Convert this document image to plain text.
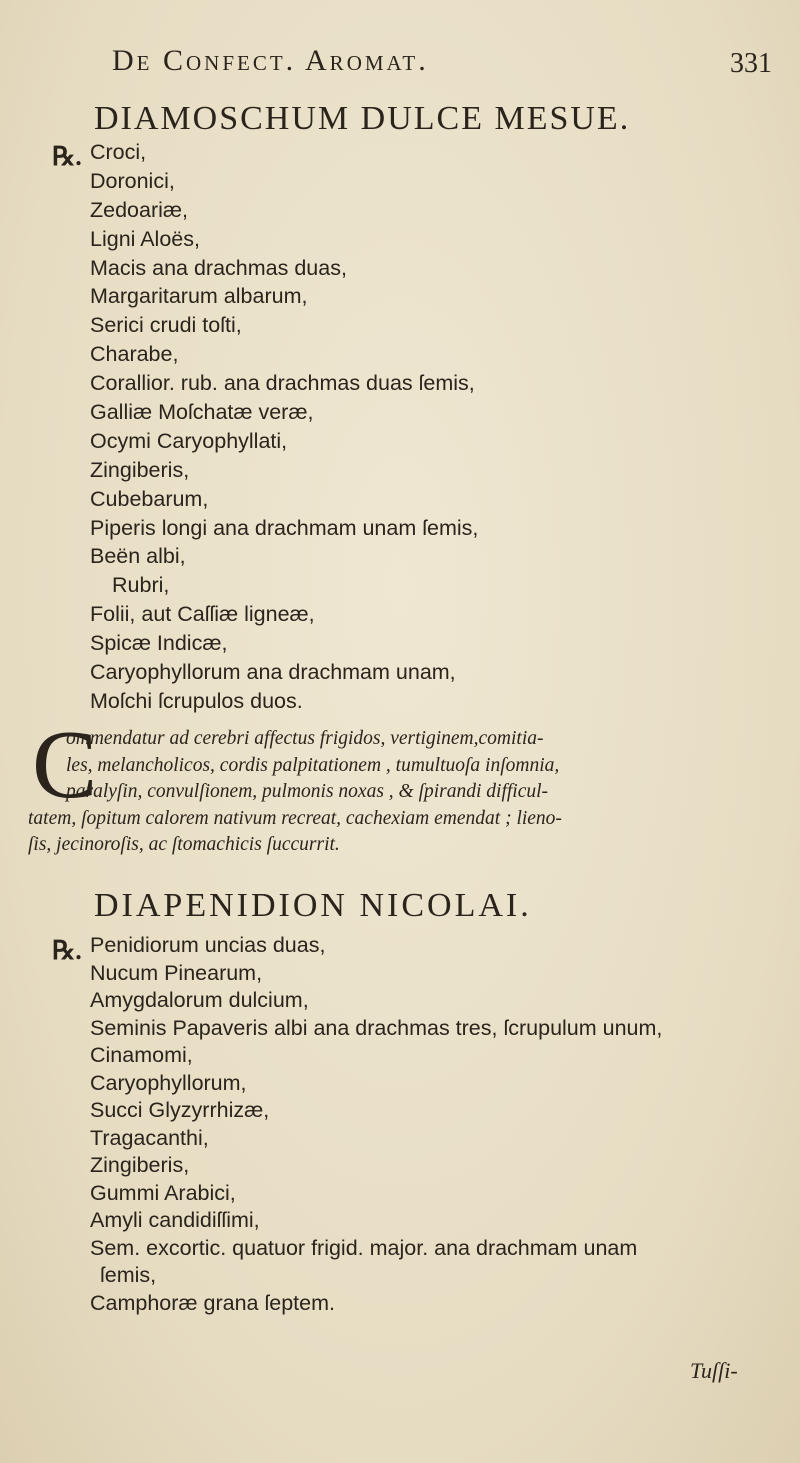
De Confect. Aromat.	331
DIAMOSCHUM DULCE MESUE.
℞. Croci,
Doronici,
Zedoariæ,
Ligni Aloës,
Macis ana drachmas duas,
Margaritarum albarum,
Serici crudi toſti,
Charabe,
Corallior. rub. ana drachmas duas ſemis,
Galliæ Moſchatæ veræ,
Ocymi Caryophyllati,
Zingiberis,
Cubebarum,
Piperis longi ana drachmam unam ſemis,
Beën albi,
Rubri,
Folii, aut Caſſiæ ligneæ,
Spicæ Indicæ,
Caryophyllorum ana drachmam unam,
Moſchi ſcrupulos duos.
C
ommendatur ad cerebri affectus frigidos, vertiginem,comitia-
les, melancholicos, cordis palpitationem , tumultuoſa inſomnia,
paralyſin, convulſionem, pulmonis noxas , & ſpirandi difficul-
tatem, ſopitum calorem nativum recreat, cachexiam emendat ; lieno-
ſis, jecinoroſis, ac ſtomachicis ſuccurrit.
DIAPENIDION NICOLAI.
℞. Penidiorum uncias duas,
Nucum Pinearum,
Amygdalorum dulcium,
Seminis Papaveris albi ana drachmas tres, ſcrupulum unum,
Cinamomi,
Caryophyllorum,
Succi Glyzyrrhizæ,
Tragacanthi,
Zingiberis,
Gummi Arabici,
Amyli candidiſſimi,
Sem. excortic. quatuor frigid. major. ana drachmam unam
ſemis,
Camphoræ grana ſeptem.
Tuſſi-
